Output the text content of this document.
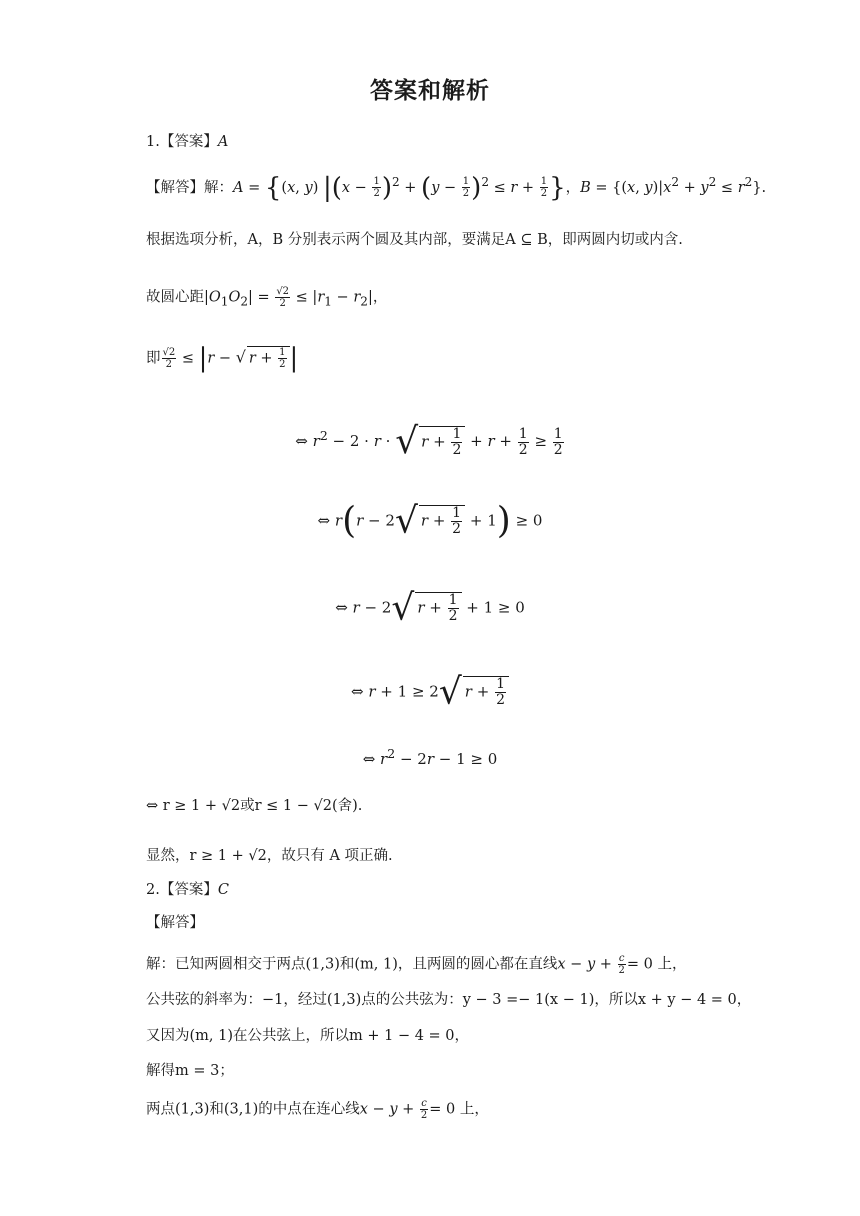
答案和解析
1.【答案】A
【解答】解：A = {(x, y) $|(x - \frac{1}{2} )^2 + (y - \frac{1}{2} )^2 \le r + \frac{1}{2}$ }，B = {(x, $y)|x^2 + y^2 \le r^2$}.
根据选项分析，A，B 分别表示两个圆及其内部，要满足A ⊆ B，即两圆内切或内含.
故圆心距$|O_1O_2| = \frac{√2}{2} \le |r_1 - r_2|$，
即 $\frac{√2}{2} \le |r$ − √ $r + \frac{1}{2}$ |
⇔ $r^2 - 2 \cdot r$ · √ $r + \frac{1}{2} + r + \frac{1}{2} \ge \frac{1}{2}$
⇔ r(r − 2√ $r + \frac{1}{2} + 1) \ge 0$
⇔ r − 2√ $r + \frac{1}{2} + 1 \ge 0$
⇔ r + 1 ≥ 2√ $r + \frac{1}{2}$
⇔ $r^2 - 2r - 1 \ge 0$
⇔ r ≥ 1 + √2或r ≤ 1 − √2(舍).
显然，r ≥ 1 + √2，故只有 A 项正确.
2.【答案】C
【解答】
解：已知两圆相交于两点(1,3)和(m, 1)，且两圆的圆心都在直线$x - y + \frac{c}{2} = 0$ 上，
公共弦的斜率为：−1，经过(1,3)点的公共弦为：y − 3 =− 1(x − 1)，所以x + y − 4 = 0，
又因为(m, 1)在公共弦上，所以m + 1 − 4 = 0，
解得m = 3；
两点(1,3)和(3,1)的中点在连心线$x - y + \frac{c}{2} = 0$ 上，
